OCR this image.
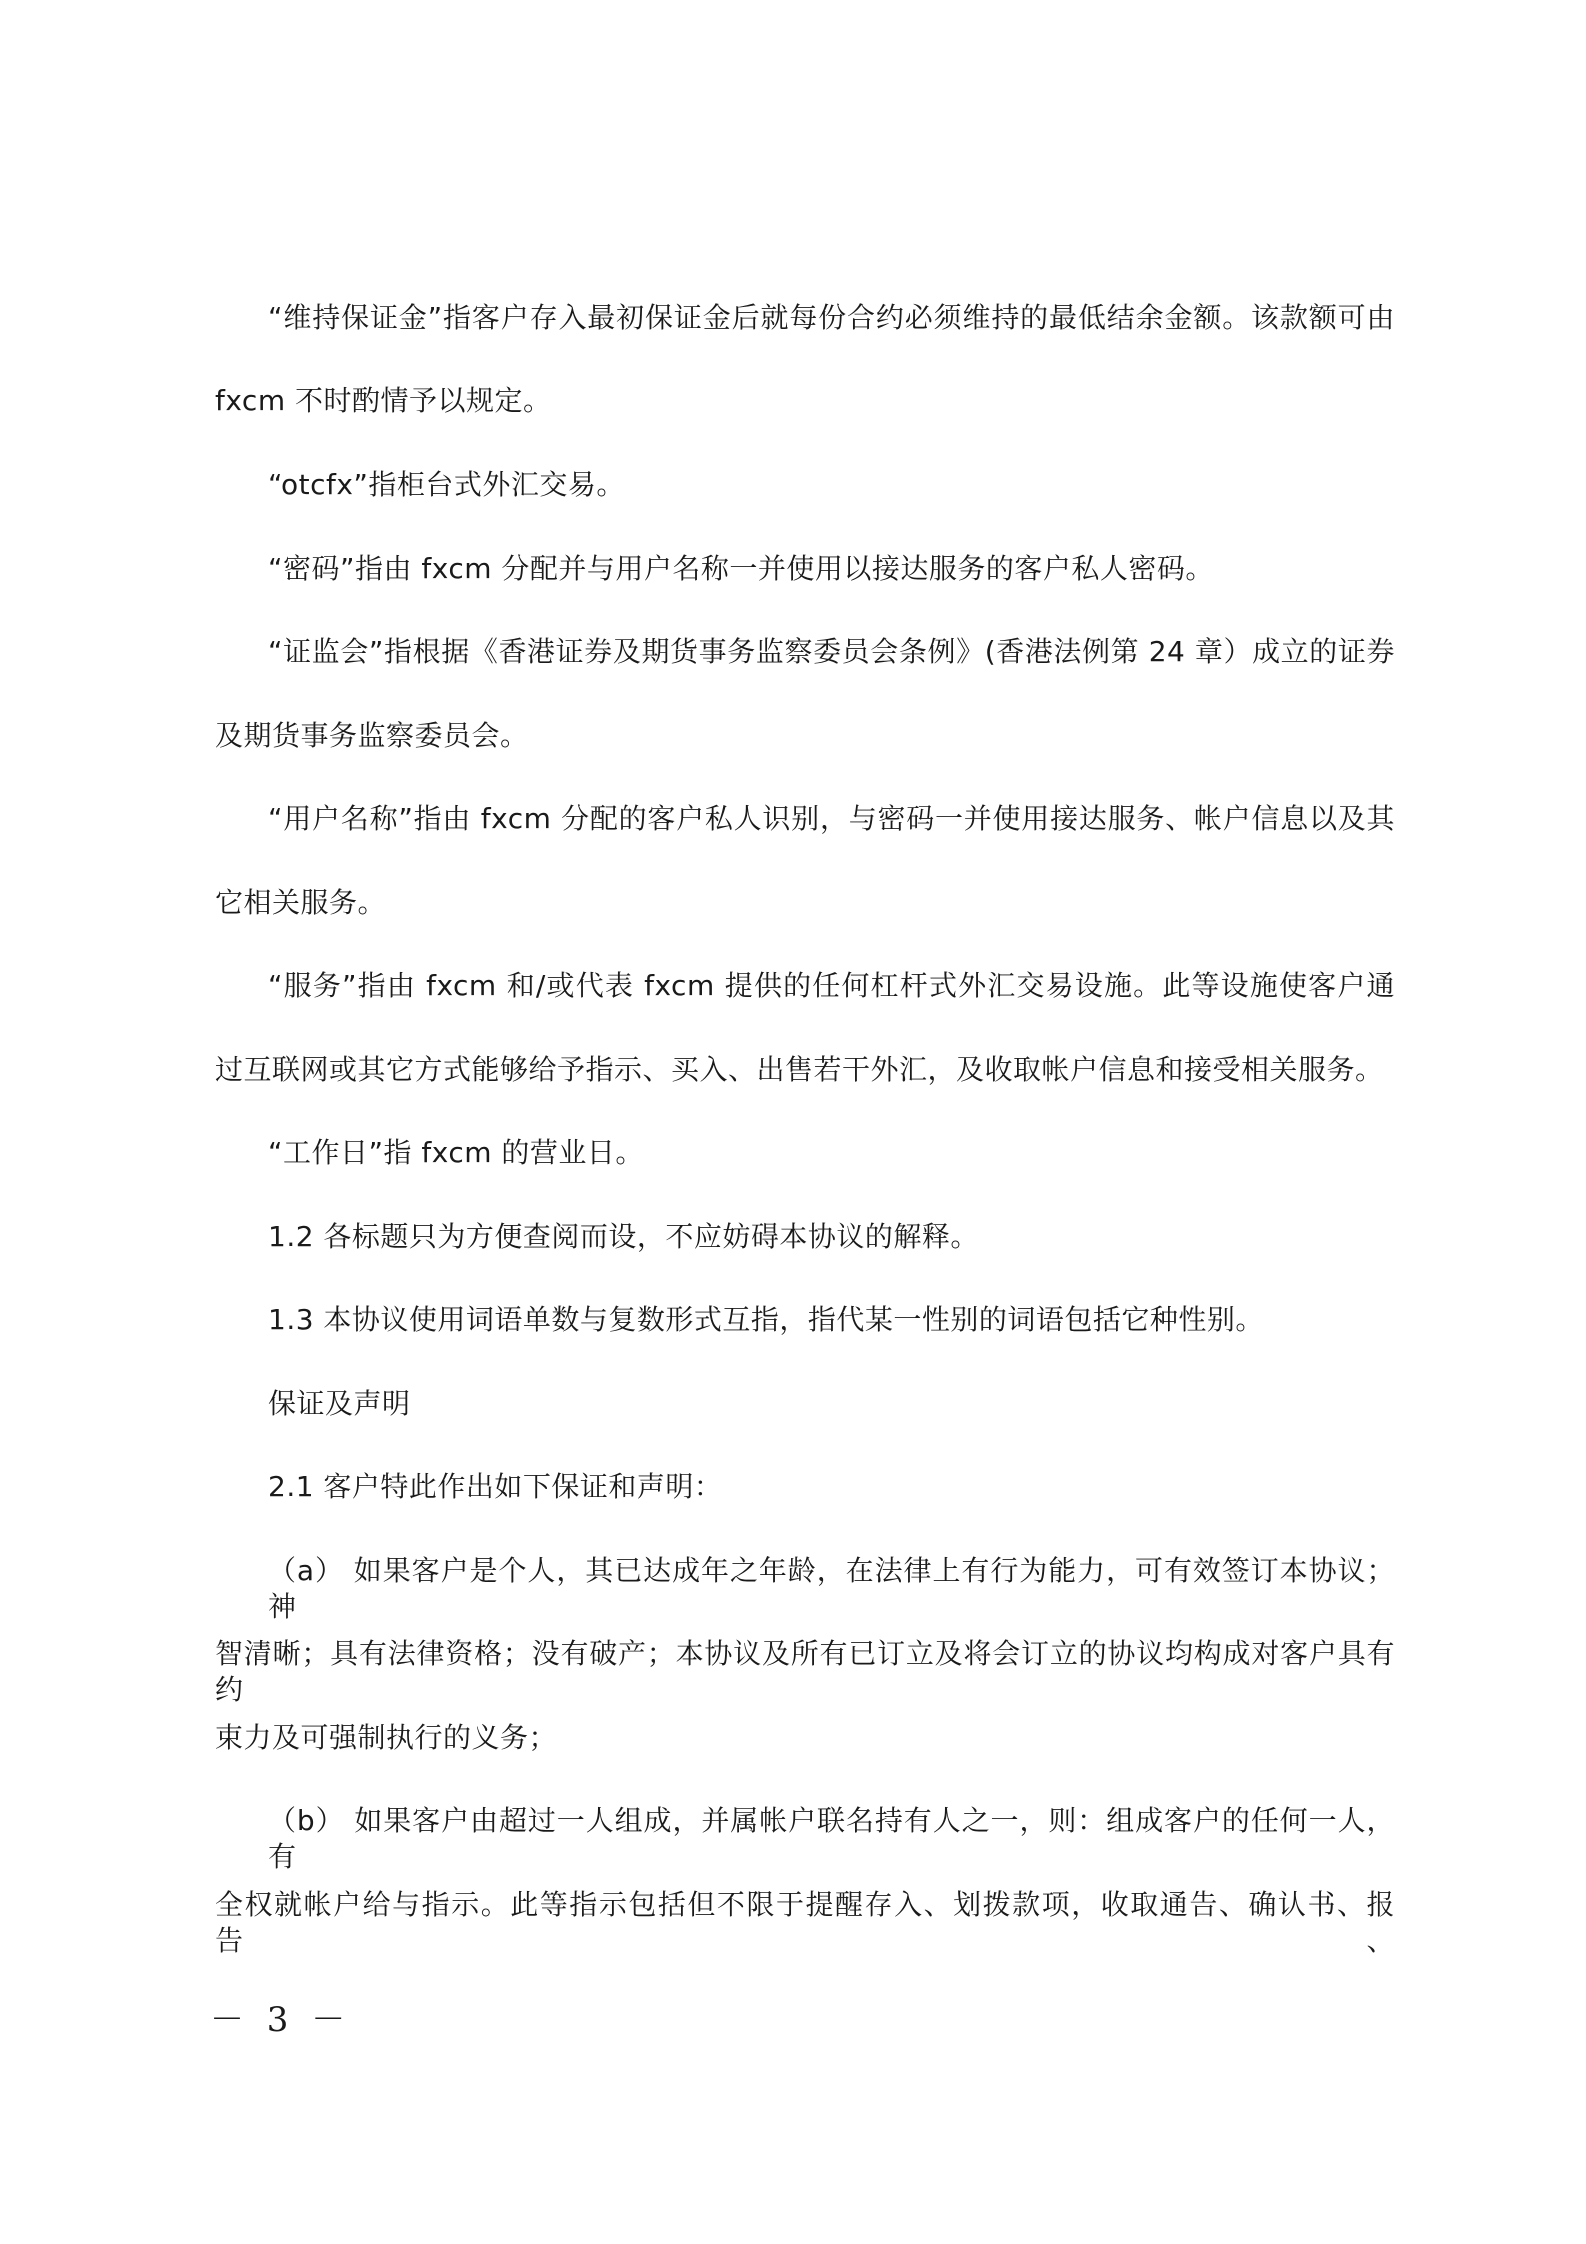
“维持保证金”指客户存入最初保证金后就每份合约必须维持的最低结余金额。该款额可由
fxcm 不时酌情予以规定。
“otcfx”指柜台式外汇交易。
“密码”指由 fxcm 分配并与用户名称一并使用以接达服务的客户私人密码。
“证监会”指根据《香港证券及期货事务监察委员会条例》(香港法例第 24 章）成立的证券
及期货事务监察委员会。
“用户名称”指由 fxcm 分配的客户私人识别，与密码一并使用接达服务、帐户信息以及其
它相关服务。
“服务”指由 fxcm 和/或代表 fxcm 提供的任何杠杆式外汇交易设施。此等设施使客户通
过互联网或其它方式能够给予指示、买入、出售若干外汇，及收取帐户信息和接受相关服务。
“工作日”指 fxcm 的营业日。
1.2 各标题只为方便查阅而设，不应妨碍本协议的解释。
1.3 本协议使用词语单数与复数形式互指，指代某一性别的词语包括它种性别。
保证及声明
2.1 客户特此作出如下保证和声明：
（a） 如果客户是个人，其已达成年之年龄，在法律上有行为能力，可有效签订本协议；神
智清晰；具有法律资格；没有破产；本协议及所有已订立及将会订立的协议均构成对客户具有约
束力及可强制执行的义务；
（b） 如果客户由超过一人组成，并属帐户联名持有人之一，则：组成客户的任何一人，有
全权就帐户给与指示。此等指示包括但不限于提醒存入、划拨款项，收取通告、确认书、报告、
－ 3 －
